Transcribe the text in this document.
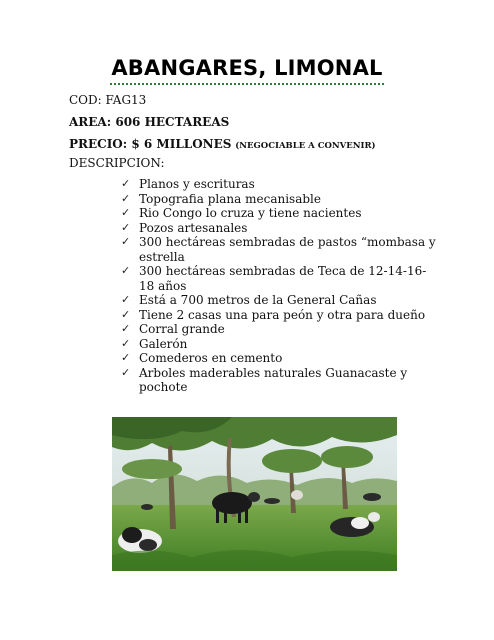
ABANGARES, LIMONAL
COD: FAG13
AREA: 606 HECTAREAS
PRECIO: $ 6 MILLONES (NEGOCIABLE A CONVENIR)
DESCRIPCION:
✓ Planos y escrituras
✓ Topografia plana mecanisable
✓ Rio Congo lo cruza y tiene nacientes
✓ Pozos artesanales
✓ 300 hectáreas sembradas de pastos “mombasa y estrella
✓ 300 hectáreas sembradas de Teca de 12-14-16-18 años
✓ Está a 700 metros de la General Cañas
✓ Tiene 2 casas una para peón y otra para dueño
✓ Corral grande
✓ Galerón
✓ Comederos en cemento
✓ Arboles maderables naturales Guanacaste y pochote
